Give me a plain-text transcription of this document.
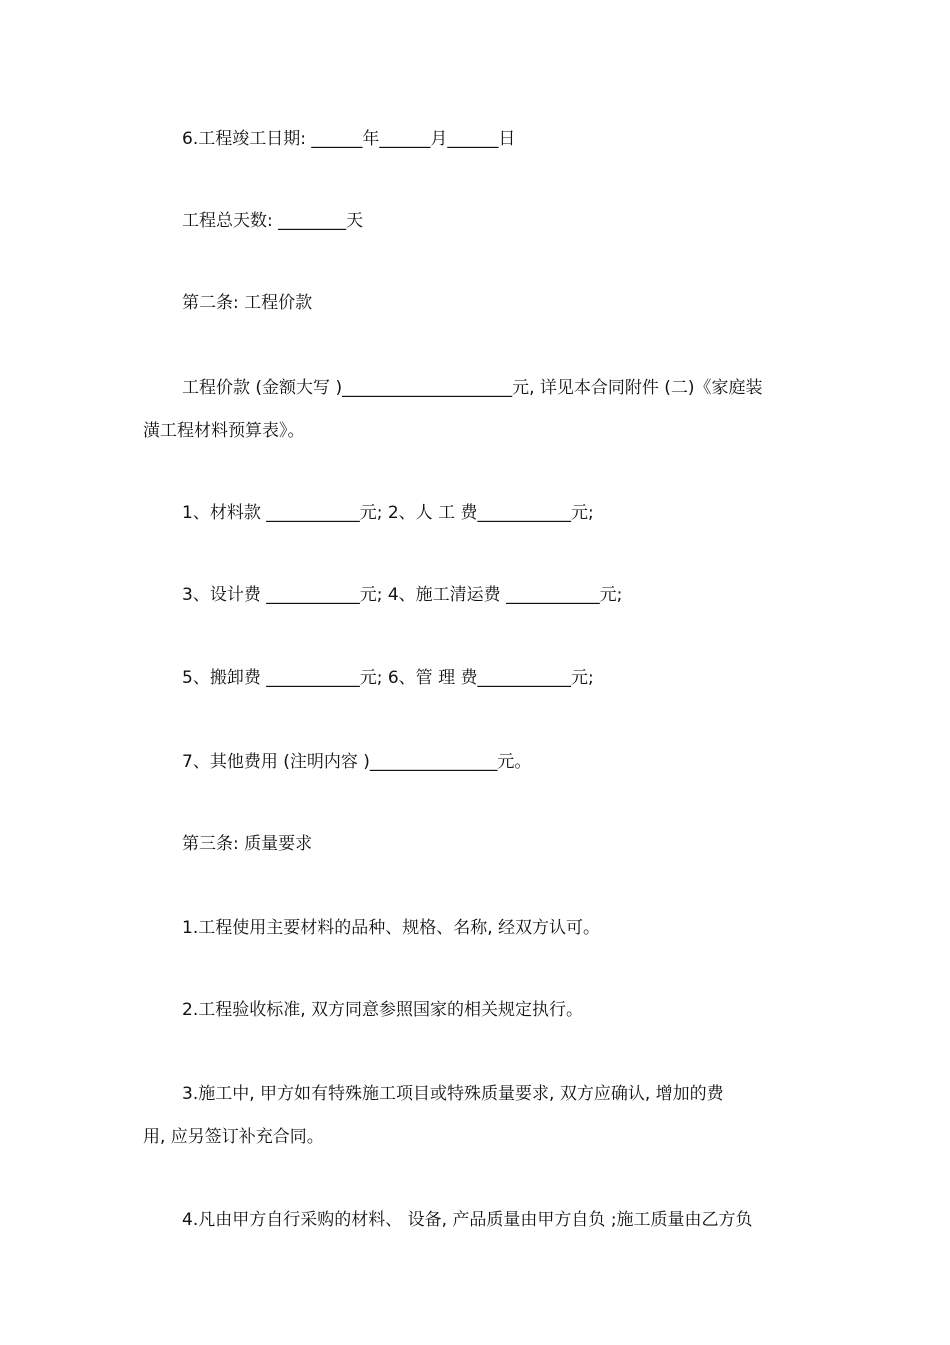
6.工程竣工日期: ______年______月______日
工程总天数: ________天
第二条: 工程价款
工程价款 (金额大写 )____________________元, 详见本合同附件 (二)《家庭装
潢工程材料预算表》。
1、材料款 ___________元; 2、人 工 费___________元;
3、设计费 ___________元; 4、施工清运费 ___________元;
5、搬卸费 ___________元; 6、管 理 费___________元;
7、其他费用 (注明内容 )_______________元。
第三条: 质量要求
1.工程使用主要材料的品种、规格、名称, 经双方认可。
2.工程验收标准, 双方同意参照国家的相关规定执行。
3.施工中, 甲方如有特殊施工项目或特殊质量要求, 双方应确认, 增加的费
用, 应另签订补充合同。
4.凡由甲方自行采购的材料、 设备, 产品质量由甲方自负 ;施工质量由乙方负
